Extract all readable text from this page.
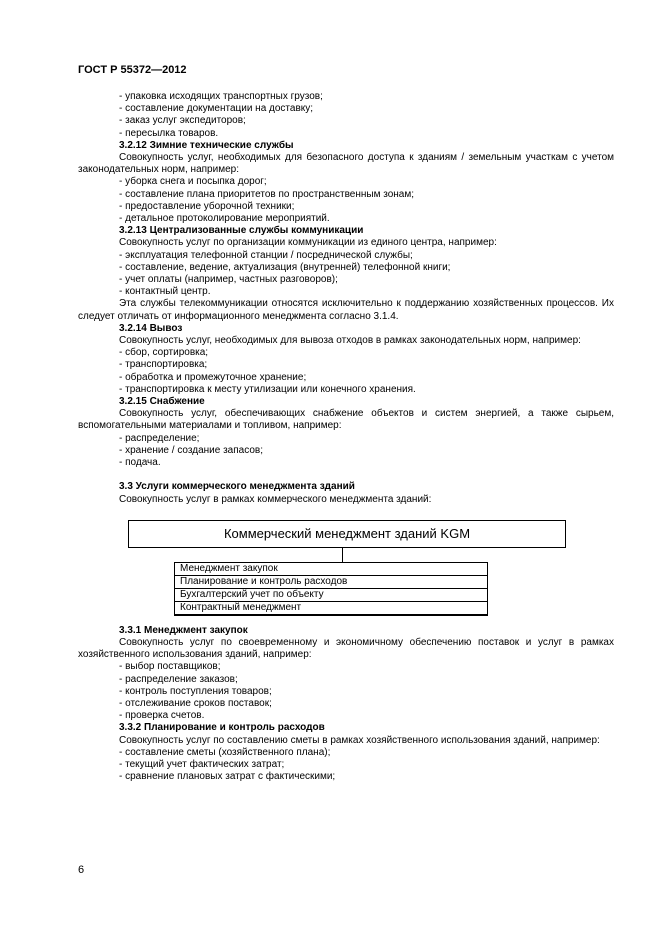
ГОСТ Р 55372—2012
- упаковка исходящих транспортных грузов;
- составление документации на доставку;
- заказ услуг экспедиторов;
- пересылка товаров.
3.2.12 Зимние технические службы
Совокупность услуг, необходимых для безопасного доступа к зданиям / земельным участкам с учетом законодательных норм, например:
- уборка снега и посыпка дорог;
- составление плана приоритетов по пространственным зонам;
- предоставление уборочной техники;
- детальное протоколирование мероприятий.
3.2.13 Централизованные службы коммуникации
Совокупность услуг по организации коммуникации из единого центра, например:
- эксплуатация телефонной станции / посреднической службы;
- составление, ведение, актуализация (внутренней) телефонной книги;
- учет оплаты (например, частных разговоров);
- контактный центр.
Эта службы телекоммуникации относятся исключительно к поддержанию хозяйственных процессов. Их следует отличать от информационного менеджмента согласно 3.1.4.
3.2.14 Вывоз
Совокупность услуг, необходимых для вывоза отходов в рамках законодательных норм, например:
- сбор, сортировка;
- транспортировка;
- обработка и промежуточное хранение;
- транспортировка к месту утилизации или конечного хранения.
3.2.15 Снабжение
Совокупность услуг, обеспечивающих снабжение объектов и систем энергией, а также сырьем, вспомогательными материалами и топливом, например:
- распределение;
- хранение / создание запасов;
- подача.
3.3 Услуги коммерческого менеджмента зданий
Совокупность услуг в рамках коммерческого менеджмента зданий:
Коммерческий менеджмент зданий KGM
Менеджмент закупок
Планирование и контроль расходов
Бухгалтерский учет по объекту
Контрактный менеджмент
3.3.1 Менеджмент закупок
Совокупность услуг по своевременному и экономичному обеспечению поставок и услуг в рамках хозяйственного использования зданий, например:
- выбор поставщиков;
- распределение заказов;
- контроль поступления товаров;
- отслеживание сроков поставок;
- проверка счетов.
3.3.2 Планирование и контроль расходов
Совокупность услуг по составлению сметы в рамках хозяйственного использования зданий, например:
- составление сметы (хозяйственного плана);
- текущий учет фактических затрат;
- сравнение плановых затрат с фактическими;
6
